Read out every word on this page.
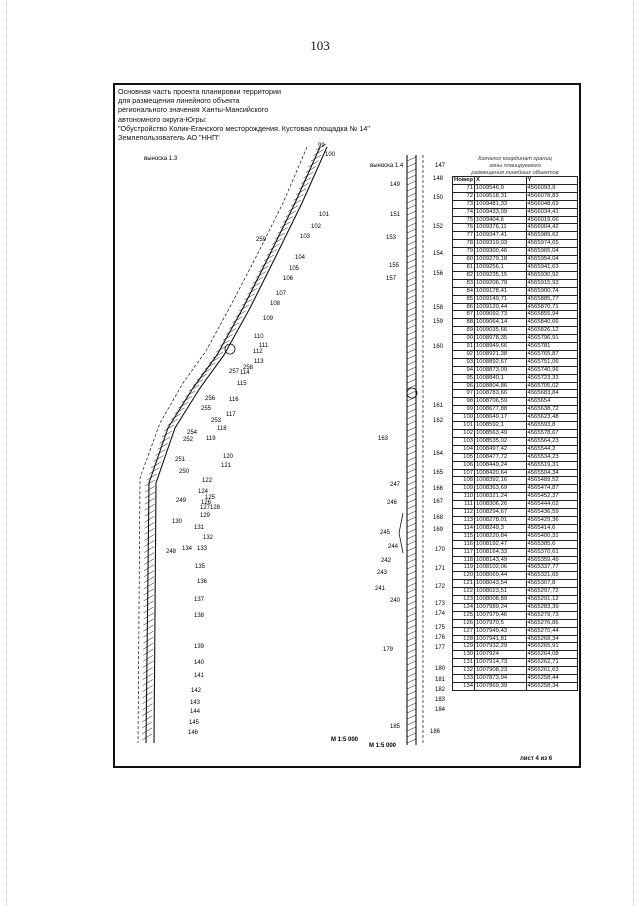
103
Основная часть проекта планировки территории
для размещения линейного объекта
регионального значения Ханты-Мансийского
автономного округа-Югры:
"Обустройство Колик-Еганского месторождения. Кустовая площадка № 14"
Землепользователь АО "ННП"
99
100
101
102
103
259
104
105
106
107
108
109
110
111
112
113
257
258
114
115
256 116
255
117
253
118
254
252 119
251	120
121
250
122
124
125
249 126
127 128
129
130
131
132
248 134 133
135
136
137
138
139
140
141
142
143
144
145
146
147
148
149
150
151
152
153
154
155
156
157
158
159
160
161
162
163
164
165
166
247
167
246
168
169
245
244	170
242
171
243
241	172
240	173
174
175
176
177
179
180
181
182
183
184
185
186
выноска 1.3
выноска 1.4
М 1:5 000
М 1:5 000
Каталог координат границ
зоны планируемого
размещения линейных объектов
Номер	X	Y
71	1009546,9	4566093,9
72	1009518,31	4566078,83
73	1009481,33	4566048,69
74	1009433,09	4566034,41
75	1009404,6	4566019,66
76	1009376,11	4566004,42
77	1009347,41	4565989,62
78	1009319,03	4565974,65
79	1009300,46	4565965,04
80	1009279,18	4565954,04
81	1009256,1	4565941,63
82	1009235,15	4565930,92
83	1009206,79	4565915,93
84	1009178,41	4565900,74
85	1009149,71	4565885,77
86	1009120,44	4565870,71
87	1009092,73	4565855,94
88	1009064,14	4565840,66
89	1009035,66	4565826,12
90	1008978,35	4565796,91
91	1008949,66	4565781
92	1008921,38	4565765,87
93	1008892,67	4565751,06
94	1008873,09	4565740,96
95	1008840,1	4565723,33
96	1008804,86	4565705,02
97	1008783,66	4565683,84
98	1008706,59	4565654
99	1008677,88	4565638,72
100	1008649,17	4565623,48
101	1008592,1	4565593,8
102	1008563,49	4565578,67
103	1008535,02	4565564,23
104	1008497,42	4565544,2
105	1008477,72	4565534,23
106	1008449,24	4565519,31
107	1008420,64	4565504,34
108	1008392,16	4565489,52
109	1008363,69	4565474,87
110	1008321,24	4565452,37
111	1008306,26	4565444,02
112	1008294,67	4565436,59
113	1008278,01	4565429,36
114	1008249,3	4565414,6
115	1008220,84	4565400,31
116	1008192,47	4565385,6
117	1008164,33	4565370,61
118	1008143,49	4565359,49
119	1008102,06	4565337,77
120	1008069,44	4565321,65
121	1008043,54	4565307,8
122	1008023,51	4565297,72
123	1008008,89	4565291,12
124	1007989,24	4565283,39
125	1007979,46	4565279,73
126	1007970,5	4565276,86
127	1007949,43	4565270,44
128	1007941,81	4565268,34
129	1007932,29	4565265,91
130	1007924	4565264,08
131	1007914,73	4565262,71
132	1007908,23	4565261,63
133	1007873,94	4565258,44
134	1007869,39	4565258,34
лист 4 из 6
